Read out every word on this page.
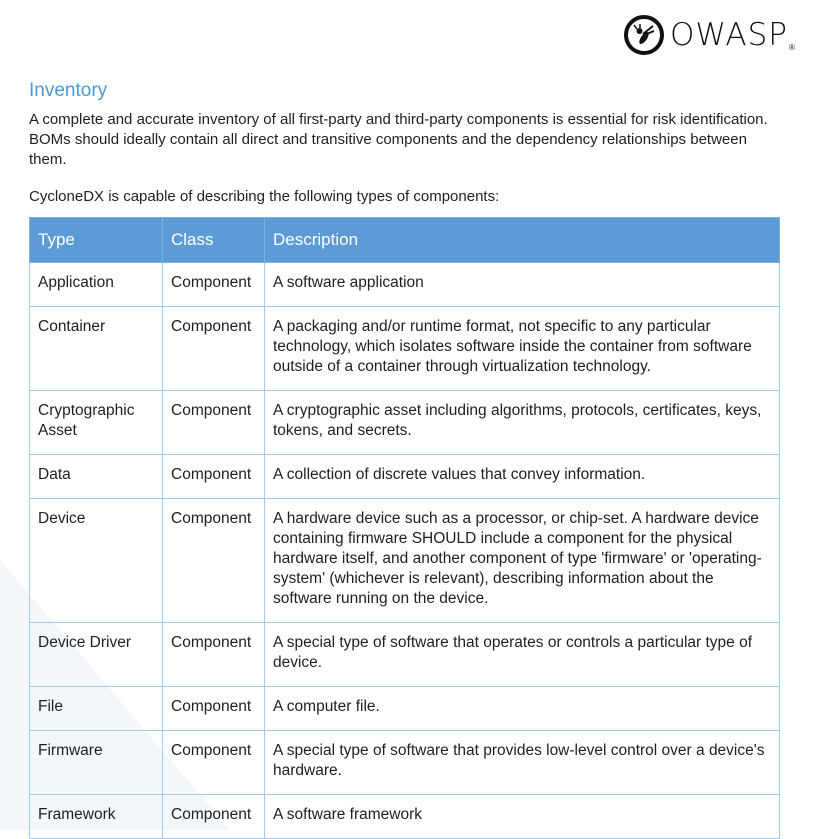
OWASP ®
Inventory

A complete and accurate inventory of all first-party and third-party components is essential for risk identification. BOMs should ideally contain all direct and transitive components and the dependency relationships between them.

CycloneDX is capable of describing the following types of components:

Type	Class	Description
Application	Component	A software application
Container	Component	A packaging and/or runtime format, not specific to any particular technology, which isolates software inside the container from software outside of a container through virtualization technology.
Cryptographic Asset	Component	A cryptographic asset including algorithms, protocols, certificates, keys, tokens, and secrets.
Data	Component	A collection of discrete values that convey information.
Device	Component	A hardware device such as a processor, or chip-set. A hardware device containing firmware SHOULD include a component for the physical hardware itself, and another component of type 'firmware' or 'operating-system' (whichever is relevant), describing information about the software running on the device.
Device Driver	Component	A special type of software that operates or controls a particular type of device.
File	Component	A computer file.
Firmware	Component	A special type of software that provides low-level control over a device's hardware.
Framework	Component	A software framework
